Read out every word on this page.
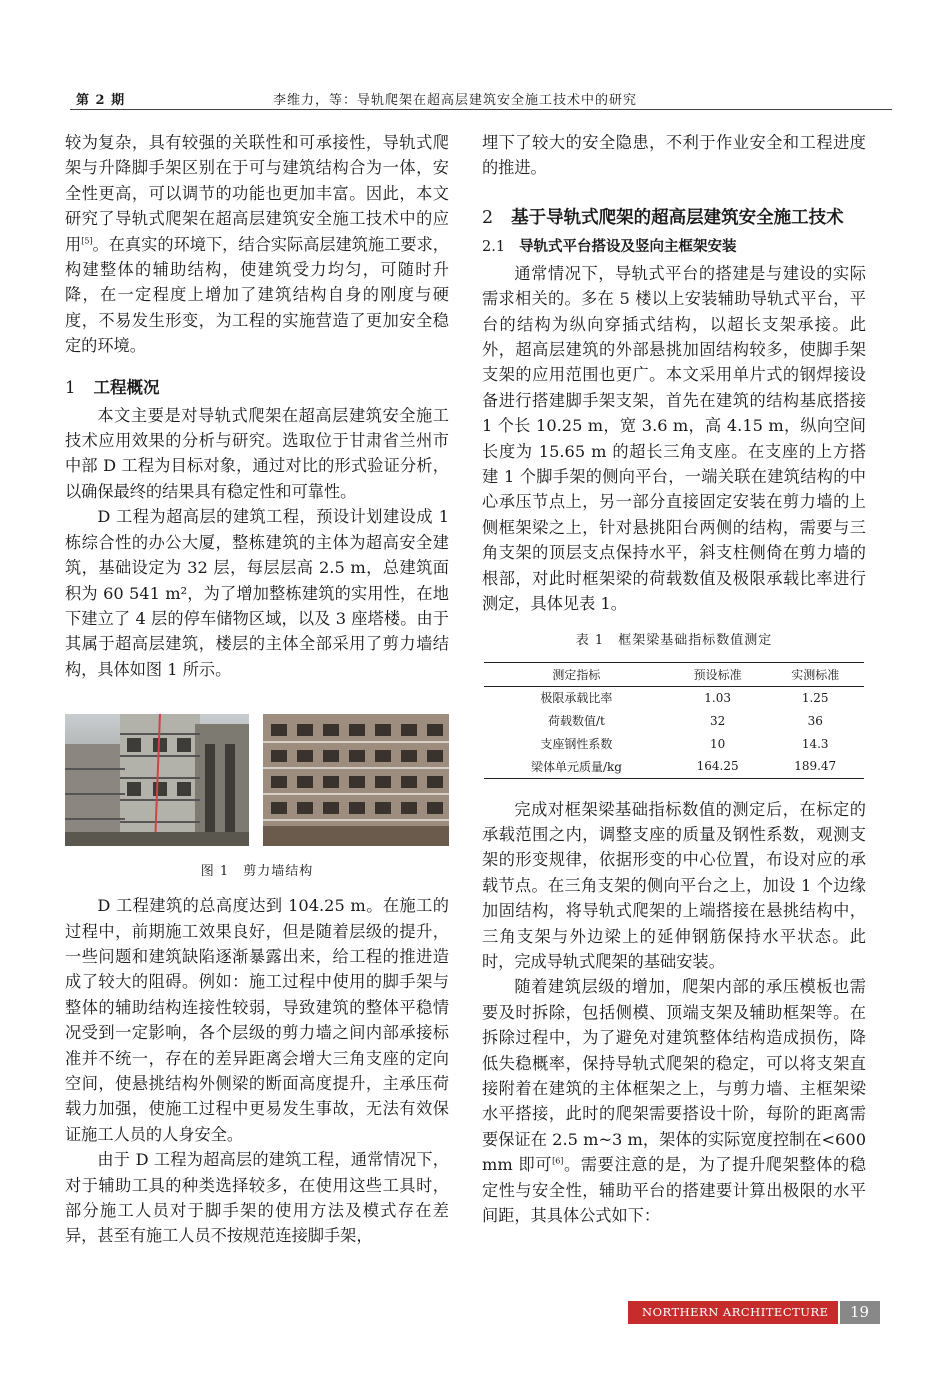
第 2 期	李维力，等：导轨爬架在超高层建筑安全施工技术中的研究

较为复杂，具有较强的关联性和可承接性，导轨式爬架与升降脚手架区别在于可与建筑结构合为一体，安全性更高，可以调节的功能也更加丰富。因此，本文研究了导轨式爬架在超高层建筑安全施工技术中的应用[5]。在真实的环境下，结合实际高层建筑施工要求，构建整体的辅助结构，使建筑受力均匀，可随时升降，在一定程度上增加了建筑结构自身的刚度与硬度，不易发生形变，为工程的实施营造了更加安全稳定的环境。

1 工程概况

本文主要是对导轨式爬架在超高层建筑安全施工技术应用效果的分析与研究。选取位于甘肃省兰州市中部 D 工程为目标对象，通过对比的形式验证分析，以确保最终的结果具有稳定性和可靠性。

D 工程为超高层的建筑工程，预设计划建设成 1 栋综合性的办公大厦，整栋建筑的主体为超高安全建筑，基础设定为 32 层，每层层高 2.5 m，总建筑面积为 60 541 m²，为了增加整栋建筑的实用性，在地下建立了 4 层的停车储物区域，以及 3 座塔楼。由于其属于超高层建筑，楼层的主体全部采用了剪力墙结构，具体如图 1 所示。

图 1　剪力墙结构

D 工程建筑的总高度达到 104.25 m。在施工的过程中，前期施工效果良好，但是随着层级的提升，一些问题和建筑缺陷逐渐暴露出来，给工程的推进造成了较大的阻碍。例如：施工过程中使用的脚手架与整体的辅助结构连接性较弱，导致建筑的整体平稳情况受到一定影响，各个层级的剪力墙之间内部承接标准并不统一，存在的差异距离会增大三角支座的定向空间，使悬挑结构外侧梁的断面高度提升，主承压荷载力加强，使施工过程中更易发生事故，无法有效保证施工人员的人身安全。

由于 D 工程为超高层的建筑工程，通常情况下，对于辅助工具的种类选择较多，在使用这些工具时，部分施工人员对于脚手架的使用方法及模式存在差异，甚至有施工人员不按规范连接脚手架，

埋下了较大的安全隐患，不利于作业安全和工程进度的推进。

2 基于导轨式爬架的超高层建筑安全施工技术
2.1 导轨式平台搭设及竖向主框架安装

通常情况下，导轨式平台的搭建是与建设的实际需求相关的。多在 5 楼以上安装辅助导轨式平台，平台的结构为纵向穿插式结构，以超长支架承接。此外，超高层建筑的外部悬挑加固结构较多，使脚手架支架的应用范围也更广。本文采用单片式的钢焊接设备进行搭建脚手架支架，首先在建筑的结构基底搭接 1 个长 10.25 m，宽 3.6 m，高 4.15 m，纵向空间长度为 15.65 m 的超长三角支座。在支座的上方搭建 1 个脚手架的侧向平台，一端关联在建筑结构的中心承压节点上，另一部分直接固定安装在剪力墙的上侧框架梁之上，针对悬挑阳台两侧的结构，需要与三角支架的顶层支点保持水平，斜支柱侧倚在剪力墙的根部，对此时框架梁的荷载数值及极限承载比率进行测定，具体见表 1。

表 1　框架梁基础指标数值测定
测定指标	预设标准	实测标准
极限承载比率	1.03	1.25
荷载数值/t	32	36
支座钢性系数	10	14.3
梁体单元质量/kg	164.25	189.47

完成对框架梁基础指标数值的测定后，在标定的承载范围之内，调整支座的质量及钢性系数，观测支架的形变规律，依据形变的中心位置，布设对应的承载节点。在三角支架的侧向平台之上，加设 1 个边缘加固结构，将导轨式爬架的上端搭接在悬挑结构中，三角支架与外边梁上的延伸钢筋保持水平状态。此时，完成导轨式爬架的基础安装。

随着建筑层级的增加，爬架内部的承压模板也需要及时拆除，包括侧模、顶端支架及辅助框架等。在拆除过程中，为了避免对建筑整体结构造成损伤，降低失稳概率，保持导轨式爬架的稳定，可以将支架直接附着在建筑的主体框架之上，与剪力墙、主框架梁水平搭接，此时的爬架需要搭设十阶，每阶的距离需要保证在 2.5 m~3 m，架体的实际宽度控制在<600 mm 即可[6]。需要注意的是，为了提升爬架整体的稳定性与安全性，辅助平台的搭建要计算出极限的水平间距，其具体公式如下：

NORTHERN ARCHITECTURE	19
